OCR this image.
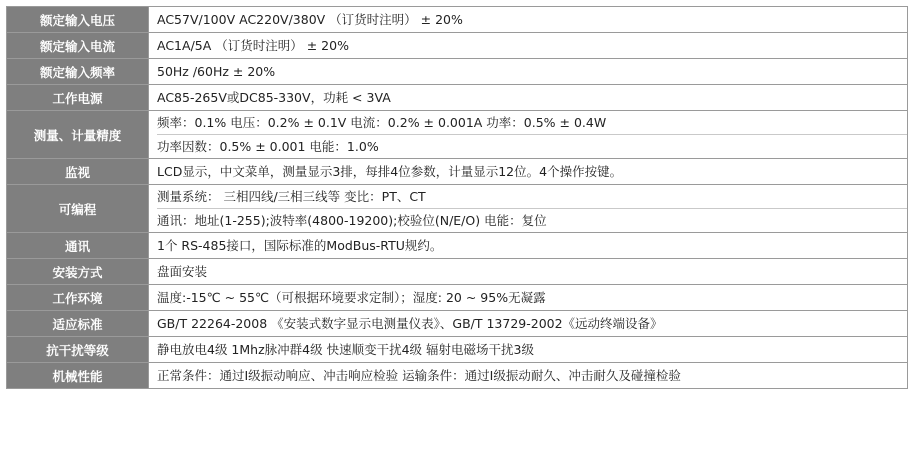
额定输入电压	AC57V/100V AC220V/380V （订货时注明） ± 20%

额定输入电流	AC1A/5A （订货时注明） ± 20%

额定输入频率	50Hz /60Hz ± 20%

工作电源	AC85-265V或DC85-330V，功耗 < 3VA

测量、计量精度	频率：0.1% 电压：0.2% ± 0.1V 电流：0.2% ± 0.001A 功率：0.5% ± 0.4W
功率因数：0.5% ± 0.001 电能：1.0%

监视	LCD显示，中文菜单，测量显示3排，每排4位参数，计量显示12位。4个操作按键。

可编程	测量系统： 三相四线/三相三线等 变比：PT、CT
通讯：地址(1-255);波特率(4800-19200);校验位(N/E/O) 电能：复位

通讯	1个 RS-485接口，国际标准的ModBus-RTU规约。

安装方式	盘面安装

工作环境	温度:-15℃ ~ 55℃（可根据环境要求定制）；湿度: 20 ~ 95%无凝露

适应标准	GB/T 22264-2008 《安装式数字显示电测量仪表》、GB/T 13729-2002《远动终端设备》

抗干扰等级	静电放电4级 1Mhz脉冲群4级 快速顺变干扰4级 辐射电磁场干扰3级

机械性能	正常条件：通过I级振动响应、冲击响应检验 运输条件：通过I级振动耐久、冲击耐久及碰撞检验
